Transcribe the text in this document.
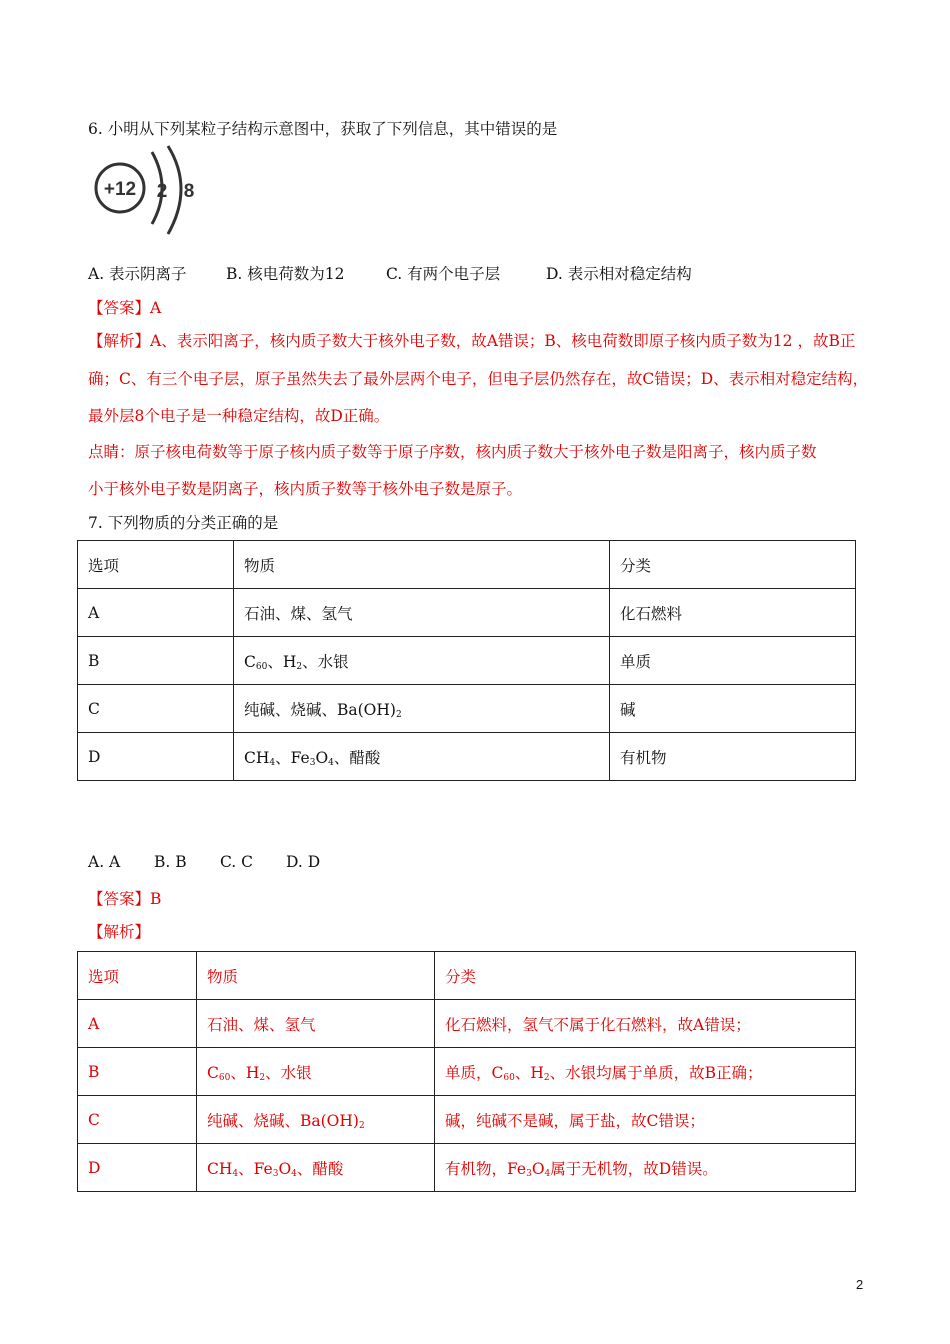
6. 小明从下列某粒子结构示意图中，获取了下列信息，其中错误的是
+12 2 8
A. 表示阴离子	B. 核电荷数为12	C. 有两个电子层	D. 表示相对稳定结构
【答案】A
【解析】A、表示阳离子，核内质子数大于核外电子数，故A错误；B、核电荷数即原子核内质子数为12 ，故B正
确；C、有三个电子层，原子虽然失去了最外层两个电子，但电子层仍然存在，故C错误；D、表示相对稳定结构，
最外层8个电子是一种稳定结构，故D正确。
点睛：原子核电荷数等于原子核内质子数等于原子序数，核内质子数大于核外电子数是阳离子，核内质子数
小于核外电子数是阴离子，核内质子数等于核外电子数是原子。
7. 下列物质的分类正确的是
选项	物质	分类
A	石油、煤、氢气	化石燃料
B	$C_{60}$、$H_2$、水银	单质
C	纯碱、烧碱、$Ba(OH)_2$	碱
D	$CH_4$、$Fe_3O_4$、醋酸	有机物
A. A B. B C. C D. D
【答案】B
【解析】
选项	物质	分类
A	石油、煤、氢气	化石燃料，氢气不属于化石燃料，故A错误；
B	$C_{60}$、$H_2$、水银	单质，$C_{60}$、$H_2$、水银均属于单质，故B正确；
C	纯碱、烧碱、$Ba(OH)_2$	碱，纯碱不是碱，属于盐，故C错误；
D	$CH_4$、$Fe_3O_4$、醋酸	有机物，$Fe_3O_4$属于无机物，故D错误。
2
